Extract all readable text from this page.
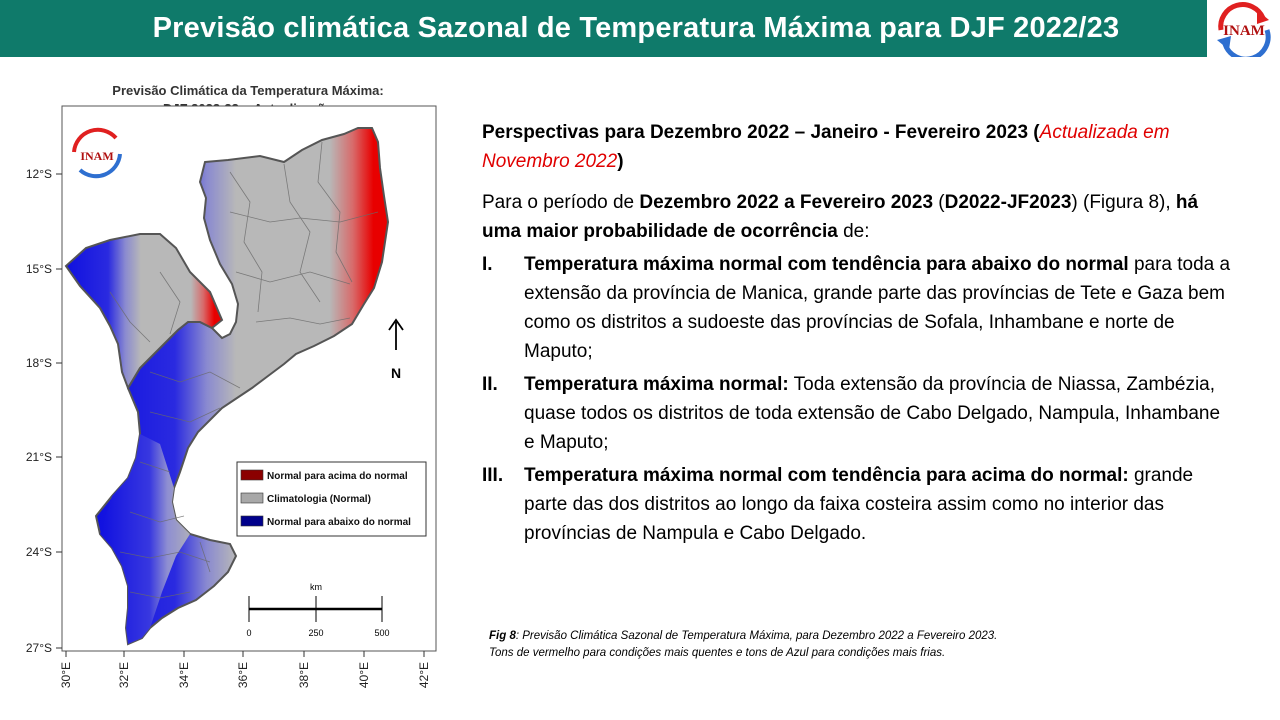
Previsão climática Sazonal de Temperatura Máxima para DJF 2022/23	INAM
Previsão Climática da Temperatura Máxima:
12°S
15°S
18°S
21°S
24°S
27°S
30°E	32°E	34°E	36°E	38°E	40°E	42°E
INAM
N
Normal para acima do normal
Climatologia (Normal)
Normal para abaixo do normal
km
0	250	500

Perspectivas para Dezembro 2022 – Janeiro - Fevereiro 2023 (Actualizada em Novembro 2022)

Para o período de Dezembro 2022 a Fevereiro 2023 (D2022-JF2023) (Figura 8), há uma maior probabilidade de ocorrência de:

I.	Temperatura máxima normal com tendência para abaixo do normal para toda a extensão da província de Manica, grande parte das províncias de Tete e Gaza bem como os distritos a sudoeste das províncias de Sofala, Inhambane e norte de Maputo;
II.	Temperatura máxima normal: Toda extensão da província de Niassa, Zambézia, quase todos os distritos de toda extensão de Cabo Delgado, Nampula, Inhambane e Maputo;
III.	Temperatura máxima normal com tendência para acima do normal: grande parte das dos distritos ao longo da faixa costeira assim como no interior das províncias de Nampula e Cabo Delgado.
Fig 8: Previsão Climática Sazonal de Temperatura Máxima, para Dezembro 2022 a Fevereiro 2023.
Tons de vermelho para condições mais quentes e tons de Azul para condições mais frias.
